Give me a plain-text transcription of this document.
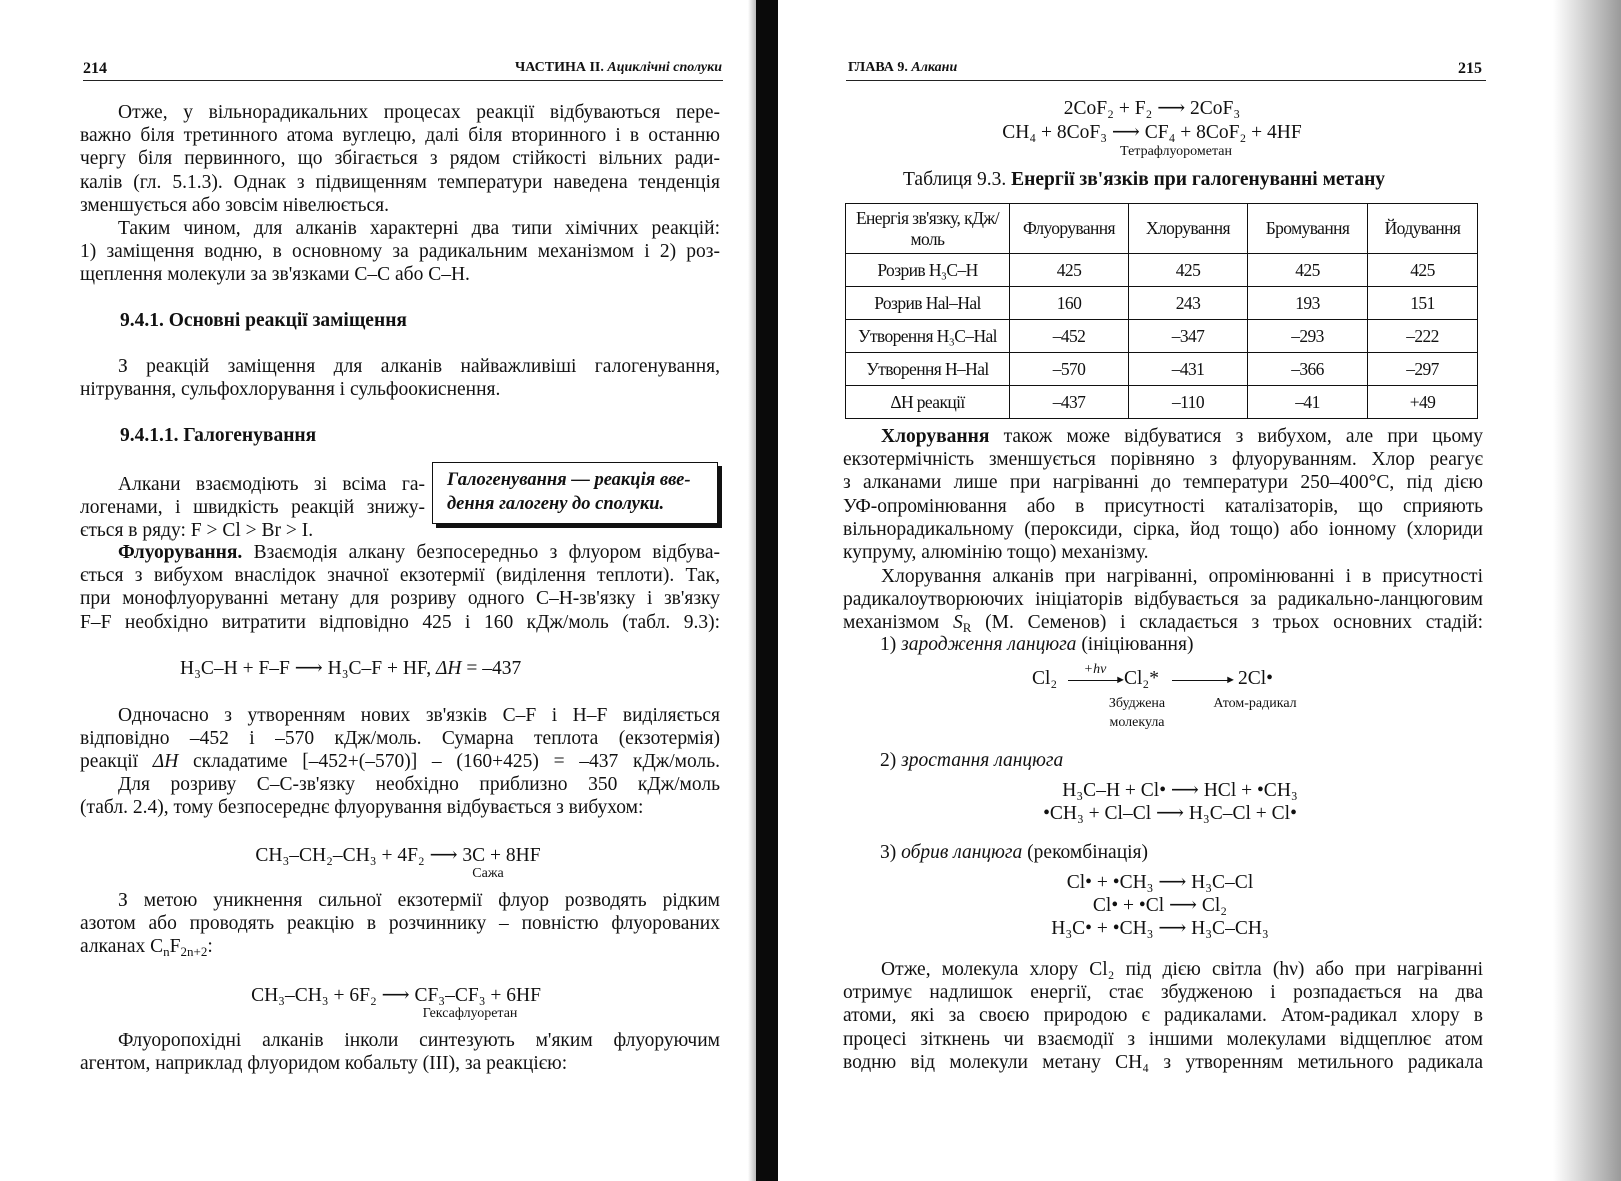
214	ЧАСТИНА II. Ациклічні сполуки	ГЛАВА 9. Алкани	215
9.4.1. Основні реакції заміщення
9.4.1.1. Галогенування
Галогенування — реакція вве-
дення галогену до сполуки.
Сажа
CH₃–CH₂–CH₃ + 4F₂ ⟶ 3C + 8HF
CH₃–CH₃ + 6F₂ ⟶ CF₃–CF₃ + 6HF
Гексафлуоретан
2CoF₂ + F₂ ⟶ 2CoF₃
CH₄ + 8CoF₃ ⟶ CF₄ + 8CoF₂ + 4HF
Тетрафлуорометан
Енергія зв'язку, кДж/моль	Флуорування	Хлорування	Бромування	Йодування
Розрив H₃C–H	425	425	425	425
Розрив Hal–Hal	160	243	193	151
Утворення H₃C–Hal	–452	–347	–293	–222
Утворення H–Hal	–570	–431	–366	–297
ΔH реакції	–437	–110	–41	+49
Cl₂	+hν
►
Cl₂*	► 2Cl•
Збуджена
молекула
Атом-радикал
H₃C–H + Cl• ⟶ HCl + •CH₃
•CH₃ + Cl–Cl ⟶ H₃C–Cl + Cl•
Cl• + •CH₃ ⟶ H₃C–Cl
Cl• + •Cl ⟶ Cl₂
H₃C• + •CH₃ ⟶ H₃C–CH₃
Отже, у вільнорадикальних процесах реакції відбуваються пере-
важно біля третинного атома вуглецю, далі біля вторинного і в останню
чергу біля первинного, що збігається з рядом стійкості вільних ради-
калів (гл. 5.1.3). Однак з підвищенням температури наведена тенденція
зменшується або зовсім нівелюється.
Таким чином, для алканів характерні два типи хімічних реакцій:
1) заміщення водню, в основному за радикальним механізмом і 2) роз-
щеплення молекули за зв'язками С–С або С–Н.
З реакцій заміщення для алканів найважливіші галогенування,
нітрування, сульфохлорування і сульфоокиснення.
Алкани взаємодіють зі всіма га-
логенами, і швидкість реакцій знижу-
ється в ряду: F > Cl > Br > I.
Флуорування. Взаємодія алкану безпосередньо з флуором відбува-
ється з вибухом внаслідок значної екзотермії (виділення теплоти). Так,
при монофлуоруванні метану для розриву одного С–Н-зв'язку і зв'язку
F–F необхідно витратити відповідно 425 і 160 кДж/моль (табл. 9.3):
Одночасно з утворенням нових зв'язків С–F і Н–F виділяється
відповідно –452 і –570 кДж/моль. Сумарна теплота (екзотермія)
реакції ΔH складатиме [–452+(–570)] – (160+425) = –437 кДж/моль.
Для розриву С–С-зв'язку необхідно приблизно 350 кДж/моль
(табл. 2.4), тому безпосереднє флуорування відбувається з вибухом:
З метою уникнення сильної екзотермії флуор розводять рідким
азотом або проводять реакцію в розчиннику – повністю флуорованих
алканах $C_nF_{2n+2}$:
Флуоропохідні алканів інколи синтезують м'яким флуоруючим
агентом, наприклад флуоридом кобальту (III), за реакцією:
Хлорування також може відбуватися з вибухом, але при цьому
екзотермічність зменшується порівняно з флуоруванням. Хлор реагує
з алканами лише при нагріванні до температури 250–400°С, під дією
УФ-опромінювання або в присутності каталізаторів, що сприяють
вільнорадикальному (пероксиди, сірка, йод тощо) або іонному (хлориди
купруму, алюмінію тощо) механізму.
Хлорування алканів при нагріванні, опромінюванні і в присутності
радикалоутворюючих ініціаторів відбувається за радикально-ланцюговим
механізмом $S_R$ (М. Семенов) і складається з трьох основних стадій:
Отже, молекула хлору Cl₂ під дією світла (hν) або при нагріванні
отримує надлишок енергії, стає збудженою і розпадається на два
атоми, які за своєю природою є радикалами. Атом-радикал хлору в
процесі зіткнень чи взаємодії з іншими молекулами відщеплює атом
водню від молекули метану CH₄ з утворенням метильного радикала
H₃C–H + F–F ⟶ H₃C–F + HF, ΔH = –437
1) зародження ланцюга (ініціювання)
2) зростання ланцюга
3) обрив ланцюга (рекомбінація)
Таблиця 9.3. Енергії зв'язків при галогенуванні метану
